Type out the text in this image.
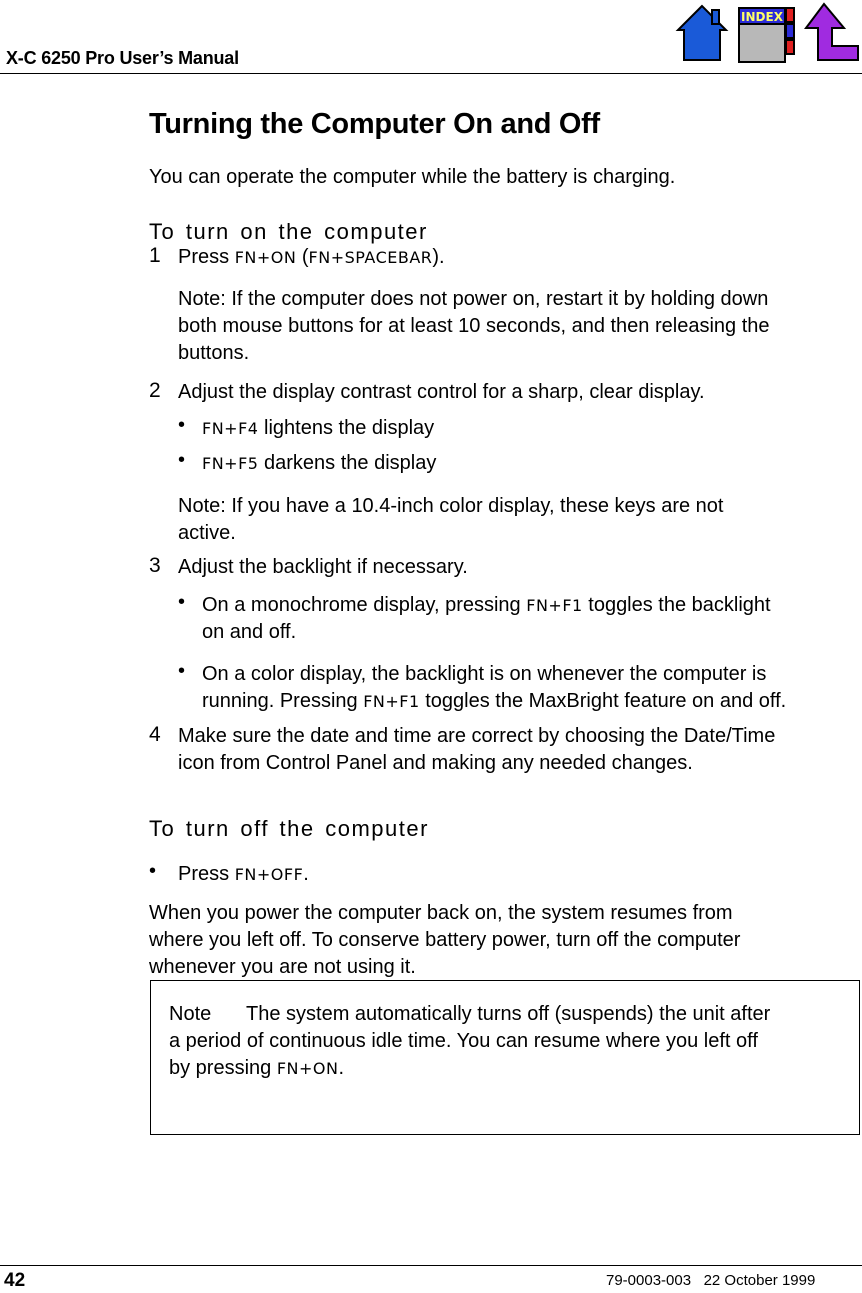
X-C 6250 Pro User’s Manual
INDEX
Turning the Computer On and Off
You can operate the computer while the battery is charging.
To turn on the computer
1 Press FN+ON (FN+SPACEBAR).
Note: If the computer does not power on, restart it by holding down
both mouse buttons for at least 10 seconds, and then releasing the
buttons.
2 Adjust the display contrast control for a sharp, clear display.
• FN+F4 lightens the display
• FN+F5 darkens the display
Note: If you have a 10.4-inch color display, these keys are not
active.
3 Adjust the backlight if necessary.
• On a monochrome display, pressing FN+F1 toggles the backlight
on and off.
• On a color display, the backlight is on whenever the computer is
running. Pressing FN+F1 toggles the MaxBright feature on and off.
4 Make sure the date and time are correct by choosing the Date/Time
icon from Control Panel and making any needed changes.
To turn off the computer
• Press FN+OFF.
When you power the computer back on, the system resumes from
where you left off. To conserve battery power, turn off the computer
whenever you are not using it.
Note The system automatically turns off (suspends) the unit after
a period of continuous idle time. You can resume where you left off
by pressing FN+ON.
42	79-0003-003   22 October 1999
